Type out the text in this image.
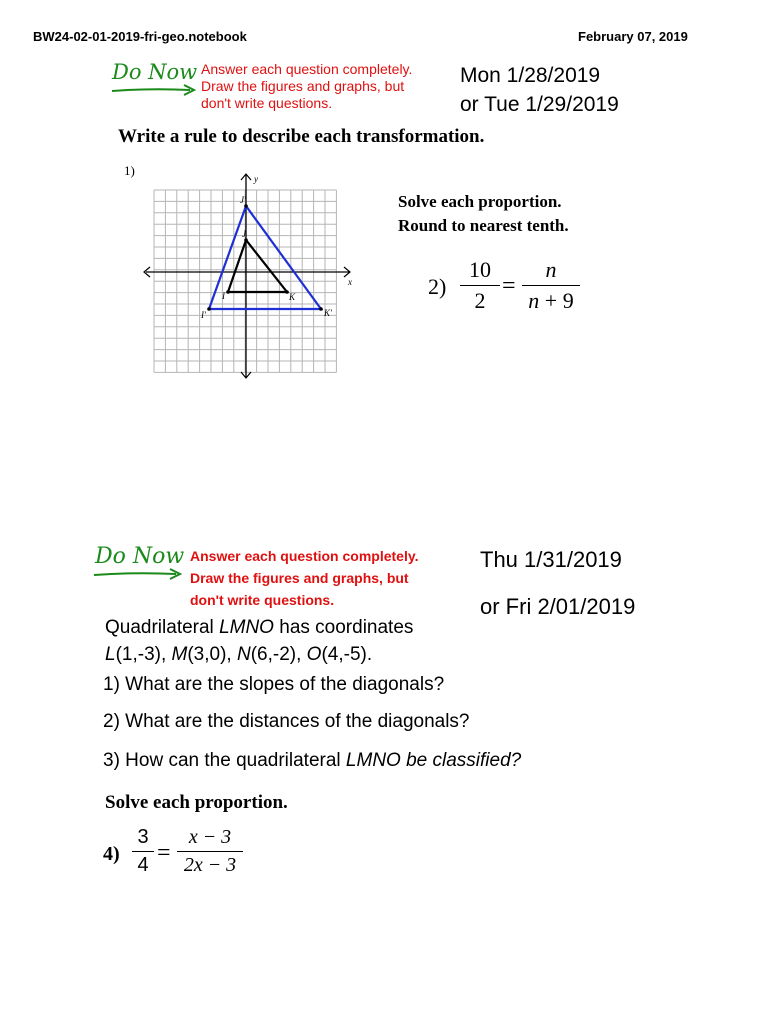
BW24-02-01-2019-fri-geo.notebook	February 07, 2019
Do Now Answer each question completely.
Draw the figures and graphs, but
don't write questions.
Mon 1/28/2019
or Tue 1/29/2019
Write a rule to describe each transformation.
1)
y
x
J'
J
I	K
I'	K'
Solve each proportion.
Round to nearest tenth.
2)
10
2
=
n
n + 9
Do Now Answer each question completely.
Draw the figures and graphs, but
don't write questions.
Thu 1/31/2019
or Fri 2/01/2019
Quadrilateral LMNO has coordinates
L(1,-3), M(3,0), N(6,-2), O(4,-5).
1) What are the slopes of the diagonals?
2) What are the distances of the diagonals?
3) How can the quadrilateral LMNO be classified?
Solve each proportion.
4)
3
4 =
x − 3
2x − 3
